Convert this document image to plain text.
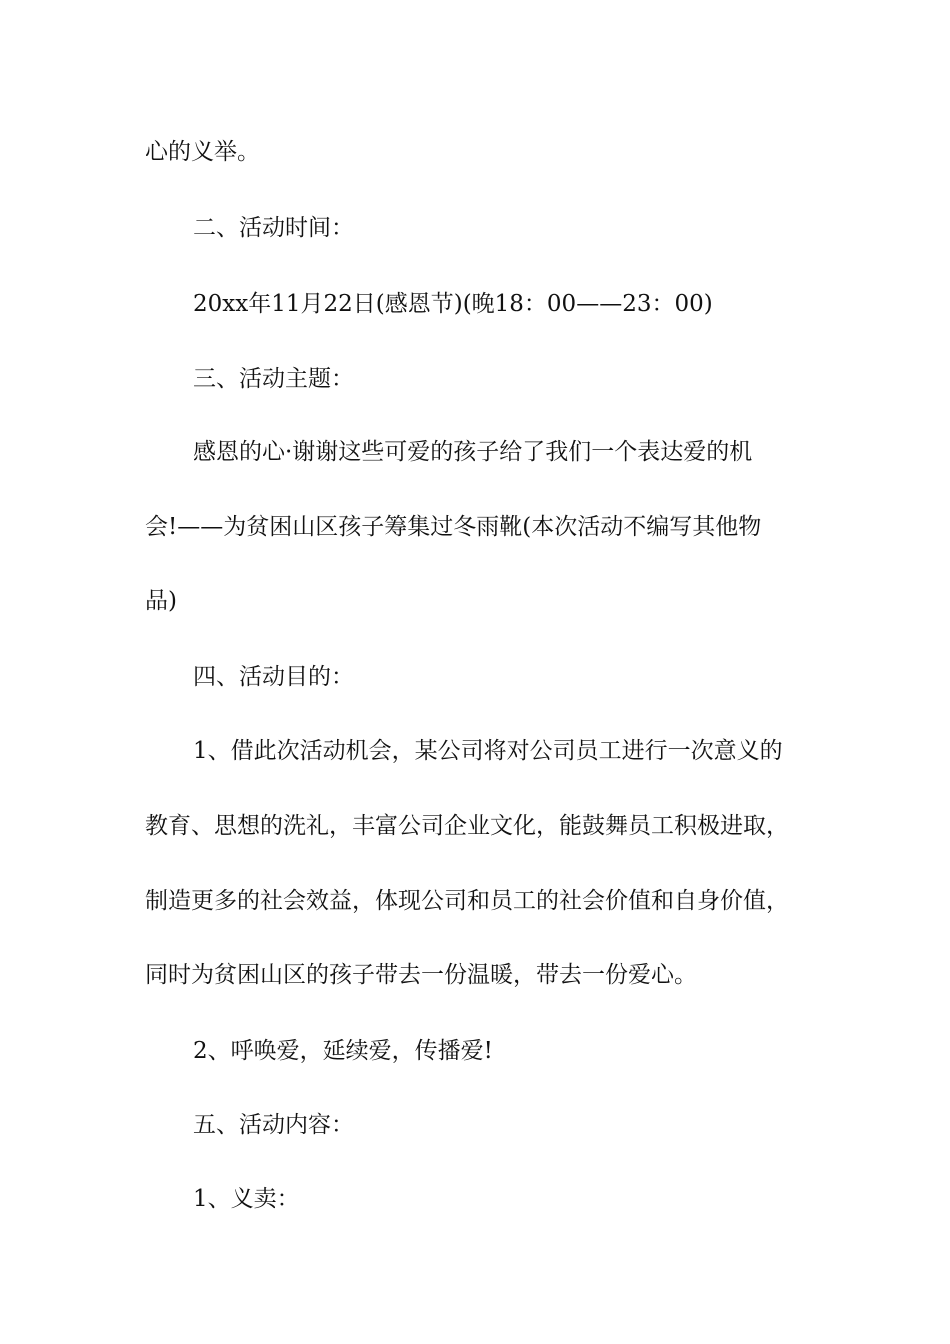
心的义举。
二、活动时间：
20xx年11月22日(感恩节)(晚18：00——23：00)
三、活动主题：
感恩的心·谢谢这些可爱的孩子给了我们一个表达爱的机
会!——为贫困山区孩子筹集过冬雨靴(本次活动不编写其他物
品)
四、活动目的：
1、借此次活动机会，某公司将对公司员工进行一次意义的
教育、思想的洗礼，丰富公司企业文化，能鼓舞员工积极进取，
制造更多的社会效益，体现公司和员工的社会价值和自身价值，
同时为贫困山区的孩子带去一份温暖，带去一份爱心。
2、呼唤爱，延续爱，传播爱!
五、活动内容：
1、义卖：
